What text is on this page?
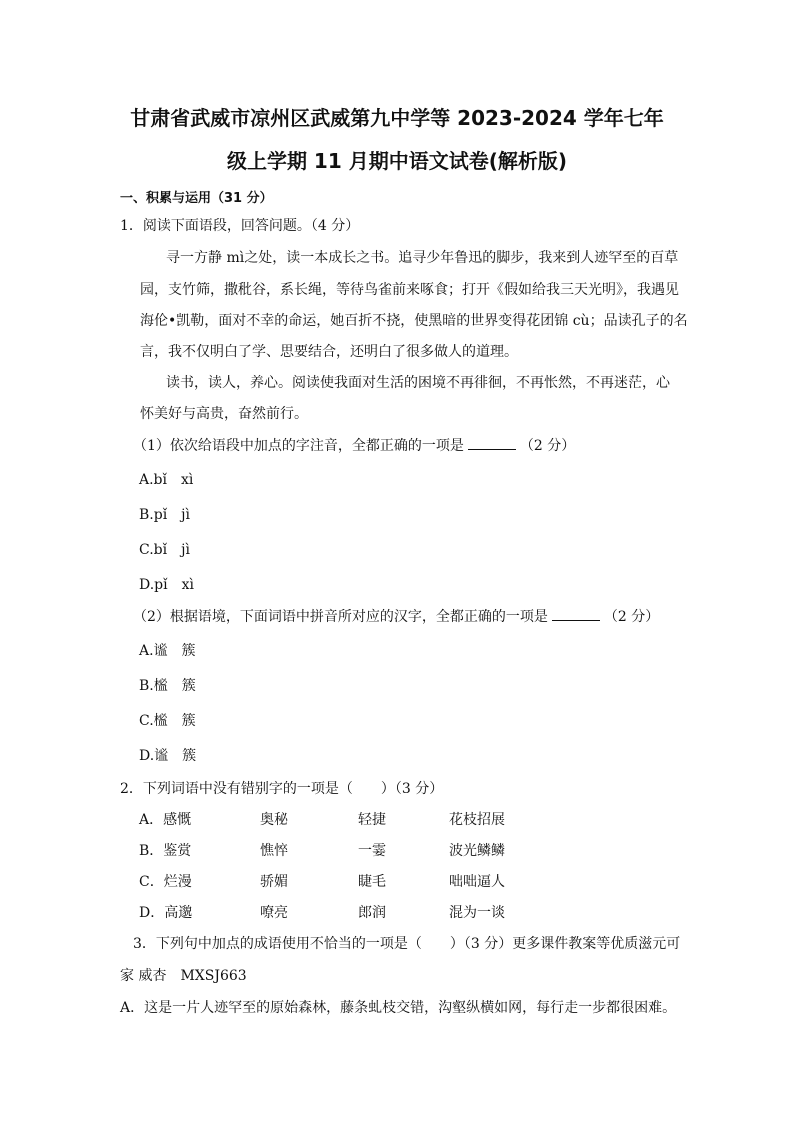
甘肃省武威市凉州区武威第九中学等 2023-2024 学年七年
级上学期 11 月期中语文试卷(解析版)
一、积累与运用（31 分）
1．阅读下面语段，回答问题。（4 分）
寻一方静 mì之处，读一本成长之书。追寻少年鲁迅的脚步，我来到人迹罕至的百草
园，支竹筛，撒秕谷，系长绳，等待鸟雀前来啄食；打开《假如给我三天光明》，我遇见
海伦•凯勒，面对不幸的命运，她百折不挠，使黑暗的世界变得花团锦 cù；品读孔子的名
言，我不仅明白了学、思要结合，还明白了很多做人的道理。
读书，读人，养心。阅读使我面对生活的困境不再徘徊，不再怅然，不再迷茫，心
怀美好与高贵，奋然前行。
（1）依次给语段中加点的字注音，全都正确的一项是	（2 分）
A.bǐ　xì
B.pǐ　jì
C.bǐ　jì
D.pǐ　xì
（2）根据语境，下面词语中拼音所对应的汉字，全都正确的一项是	（2 分）
A.谧　簇
B.榓　簇
C.榓　簇
D.谧　簇
2．下列词语中没有错别字的一项是（　　）（3 分）
A．感慨	奥秘	轻捷	花枝招展
B．鉴赏	憔悴	一霎	波光鳞鳞
C．烂漫	骄媚	睫毛	咄咄逼人
D．高邈	嘹亮	郎润	混为一谈
3．下列句中加点的成语使用不恰当的一项是（　　）（3 分）更多课件教案等优质滋元可
家 威杏　MXSJ663
A．这是一片人迹罕至的原始森林，藤条虬枝交错，沟壑纵横如网，每行走一步都很困难。
